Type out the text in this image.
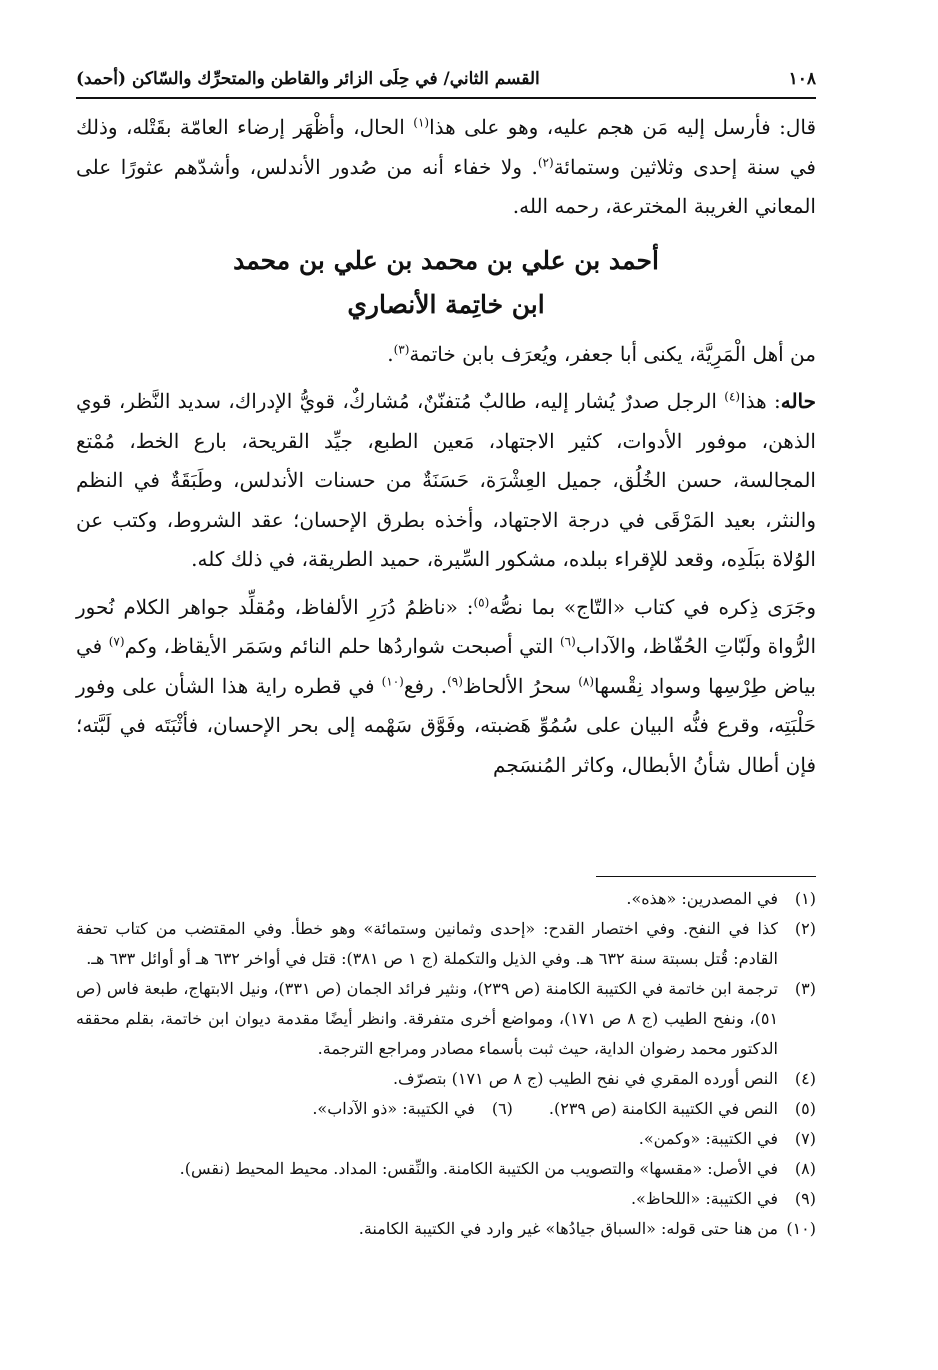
١٠٨
القسم الثاني/ في حِلَى الزائر والقاطن والمتحرِّك والسّاكن (أحمد)

قال: فأرسل إليه مَن هجم عليه، وهو على هذا$^{(١)}$ الحال، وأظْهَر إرضاء العامّة بقَتْله، وذلك في سنة إحدى وثلاثين وستمائة$^{(٢)}$. ولا خفاء أنه من صُدور الأندلس، وأشدّهم عثورًا على المعاني الغريبة المخترعة، رحمه الله.

أحمد بن علي بن محمد بن علي بن محمد
ابن خاتِمة الأنصاري

من أهل الْمَرِيَّة، يكنى أبا جعفر، ويُعرَف بابن خاتمة$^{(٣)}$.

حاله: هذا$^{(٤)}$ الرجل صدرٌ يُشار إليه، طالبٌ مُتفنّنٌ، مُشاركٌ، قويُّ الإدراك، سديد النَّظر، قوي الذهن، موفور الأدوات، كثير الاجتهاد، مَعين الطبع، جيِّد القريحة، بارع الخط، مُمْتع المجالسة، حسن الخُلُق، جميل العِشْرَة، حَسَنَةٌ من حسنات الأندلس، وطَبَقَةٌ في النظم والنثر، بعيد المَرْقَى في درجة الاجتهاد، وأخذه بطرق الإحسان؛ عقد الشروط، وكتب عن الوُلاة ببَلَدِه، وقعد للإقراء ببلده، مشكور السِّيرة، حميد الطريقة، في ذلك كله.

وجَرَى ذِكره في كتاب «التّاج» بما نصُّه$^{(٥)}$: «ناظمُ دُرَرِ الألفاظ، ومُقلِّد جواهر الكلام نُحور الرُّواة ولَبّاتِ الحُفّاظ، والآداب$^{(٦)}$ التي أصبحت شواردُها حلم النائم وسَمَر الأيقاظ، وكم$^{(٧)}$ في بياض طِرْسِها وسواد نِقْسها$^{(٨)}$ سحرُ الألحاظ$^{(٩)}$. رفع$^{(١٠)}$ في قطره راية هذا الشأن على وفور حَلْبَتِه، وقرع فنُّه البيان على سُمُوِّ هَضبته، وفَوَّق سَهْمه إلى بحر الإحسان، فأثْبَتَه في لَبَّته؛ فإن أطال شأنُ الأبطال، وكاثر المُنسَجم

(١)
في المصدرين: «هذه».
(٢)
كذا في النفح. وفي اختصار القدح: «إحدى وثمانين وستمائة» وهو خطأ. وفي المقتضب من كتاب تحفة القادم: قُتل بسبتة سنة ٦٣٢ هـ. وفي الذيل والتكملة (ج ١ ص ٣٨١): قتل في أواخر ٦٣٢ هـ أو أوائل ٦٣٣ هـ.
(٣)
ترجمة ابن خاتمة في الكتيبة الكامنة (ص ٢٣٩)، ونثير فرائد الجمان (ص ٣٣١)، ونيل الابتهاج، طبعة فاس (ص ٥١)، ونفح الطيب (ج ٨ ص ١٧١)، ومواضع أخرى متفرقة. وانظر أيضًا مقدمة ديوان ابن خاتمة، بقلم محققه الدكتور محمد رضوان الداية، حيث ثبت بأسماء مصادر ومراجع الترجمة.
(٤)
النص أورده المقري في نفح الطيب (ج ٨ ص ١٧١) بتصرّف.
(٥)
النص في الكتيبة الكامنة (ص ٢٣٩).
(٦)
في الكتيبة: «ذو الآداب».
(٧)
في الكتيبة: «وكمن».
(٨)
في الأصل: «مقسها» والتصويب من الكتيبة الكامنة. والنِّقس: المداد. محيط المحيط (نقس).
(٩)
في الكتيبة: «اللحاظ».
(١٠)
من هنا حتى قوله: «السباق جيادُها» غير وارد في الكتيبة الكامنة.
